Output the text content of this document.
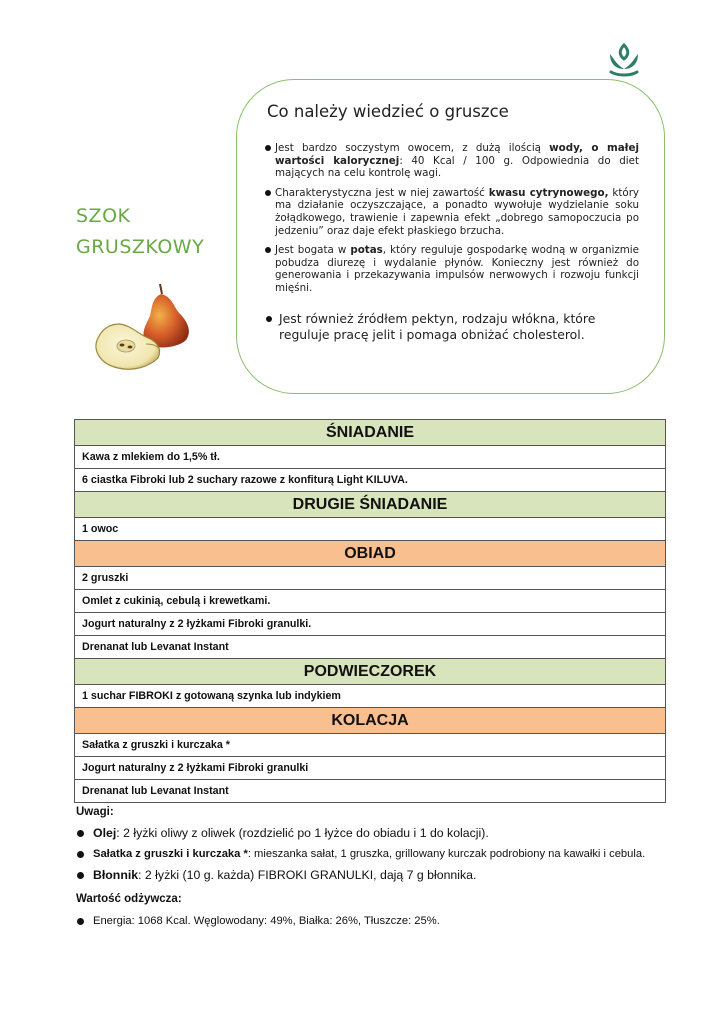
Co należy wiedzieć o gruszce
Jest bardzo soczystym owocem, z dużą ilością wody, o małej wartości kalorycznej: 40 Kcal / 100 g. Odpowiednia do diet mających na celu kontrolę wagi.
Charakterystyczna jest w niej zawartość kwasu cytrynowego, który ma działanie oczyszczające, a ponadto wywołuje wydzielanie soku żołądkowego, trawienie i zapewnia efekt „dobrego samopoczucia po jedzeniu” oraz daje efekt płaskiego brzucha.
Jest bogata w potas, który reguluje gospodarkę wodną w organizmie pobudza diurezę i wydalanie płynów. Konieczny jest również do generowania i przekazywania impulsów nerwowych i rozwoju funkcji mięśni.
Jest również źródłem pektyn, rodzaju włókna, które reguluje pracę jelit i pomaga obniżać cholesterol.
SZOK
GRUSZKOWY
ŚNIADANIE
Kawa z mlekiem do 1,5% tł.
6 ciastka Fibroki lub 2 suchary razowe z konfiturą Light KILUVA.
DRUGIE ŚNIADANIE
1 owoc
OBIAD
2 gruszki
Omlet z cukinią, cebulą i krewetkami.
Jogurt naturalny z 2 łyżkami Fibroki granulki.
Drenanat lub Levanat Instant
PODWIECZOREK
1 suchar FIBROKI z gotowaną szynka lub indykiem
KOLACJA
Sałatka z gruszki i kurczaka *
Jogurt naturalny z 2 łyżkami Fibroki granulki
Drenanat lub Levanat Instant
Uwagi:
Olej: 2 łyżki oliwy z oliwek (rozdzielić po 1 łyżce do obiadu i 1 do kolacji).
Sałatka z gruszki i kurczaka *: mieszanka sałat, 1 gruszka, grillowany kurczak podrobiony na kawałki i cebula.
Błonnik: 2 łyżki (10 g. każda) FIBROKI GRANULKI, dają 7 g błonnika.
Wartość odżywcza:
Energia: 1068 Kcal. Węglowodany: 49%, Białka: 26%, Tłuszcze: 25%.
